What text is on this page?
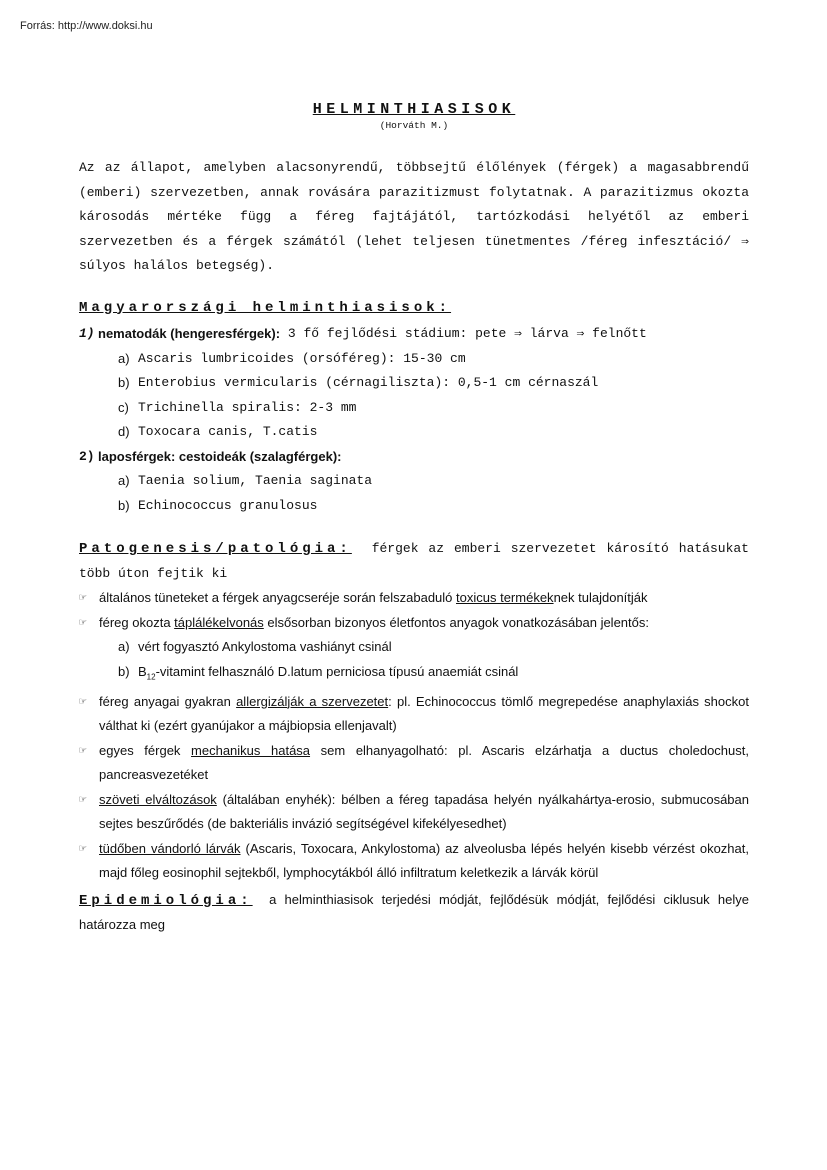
Forrás: http://www.doksi.hu
HELMINTHIASISOK
(Horváth M.)

Az az állapot, amelyben alacsonyrendű, többsejtű élőlények (férgek) a magasabbrendű (emberi) szervezetben, annak rovására parazitizmust folytatnak. A parazitizmus okozta károsodás mértéke függ a féreg fajtájától, tartózkodási helyétől az emberi szervezetben és a férgek számától (lehet teljesen tünetmentes /féreg infesztáció/ ⇒ súlyos halálos betegség).

Magyarországi helminthiasisok:
1) nematodák (hengeresférgek):
3 fő fejlődési stádium: pete ⇒ lárva ⇒ felnőtt
a) Ascaris lumbricoides (orsóféreg): 15-30 cm
b) Enterobius vermicularis (cérnagiliszta): 0,5-1 cm cérnaszál
c) Trichinella spiralis: 2-3 mm
d) Toxocara canis, T.catis
2) laposférgek: cestoideák (szalagférgek):
a) Taenia solium, Taenia saginata
b) Echinococcus granulosus
Patogenesis/patológia: férgek az emberi szervezetet károsító hatásukat több úton fejtik ki
☞ általános tüneteket a férgek anyagcseréje során felszabaduló toxicus termékeknek tulajdonítják
☞ féreg okozta táplálékelvonás elsősorban bizonyos életfontos anyagok vonatkozásában jelentős:
a) vért fogyasztó Ankylostoma vashiányt csinál
b) $B_{12}$-vitamint felhasználó D.latum perniciosa típusú anaemiát csinál
☞ féreg anyagai gyakran allergizálják a szervezetet: pl. Echinococcus tömlő megrepedése anaphylaxiás shockot válthat ki (ezért gyanújakor a májbiopsia ellenjavalt)
☞ egyes férgek mechanikus hatása sem elhanyagolható: pl. Ascaris elzárhatja a ductus choledochust, pancreasvezetéket
☞ szöveti elváltozások (általában enyhék): bélben a féreg tapadása helyén nyálkahártya-erosio, submucosában sejtes beszűrődés (de bakteriális invázió segítségével kifekélyesedhet)
☞ tüdőben vándorló lárvák (Ascaris, Toxocara, Ankylostoma) az alveolusba lépés helyén kisebb vérzést okozhat, majd főleg eosinophil sejtekből, lymphocytákból álló infiltratum keletkezik a lárvák körül
Epidemiológia: a helminthiasisok terjedési módját, fejlődésük módját, fejlődési ciklusuk helye határozza meg
